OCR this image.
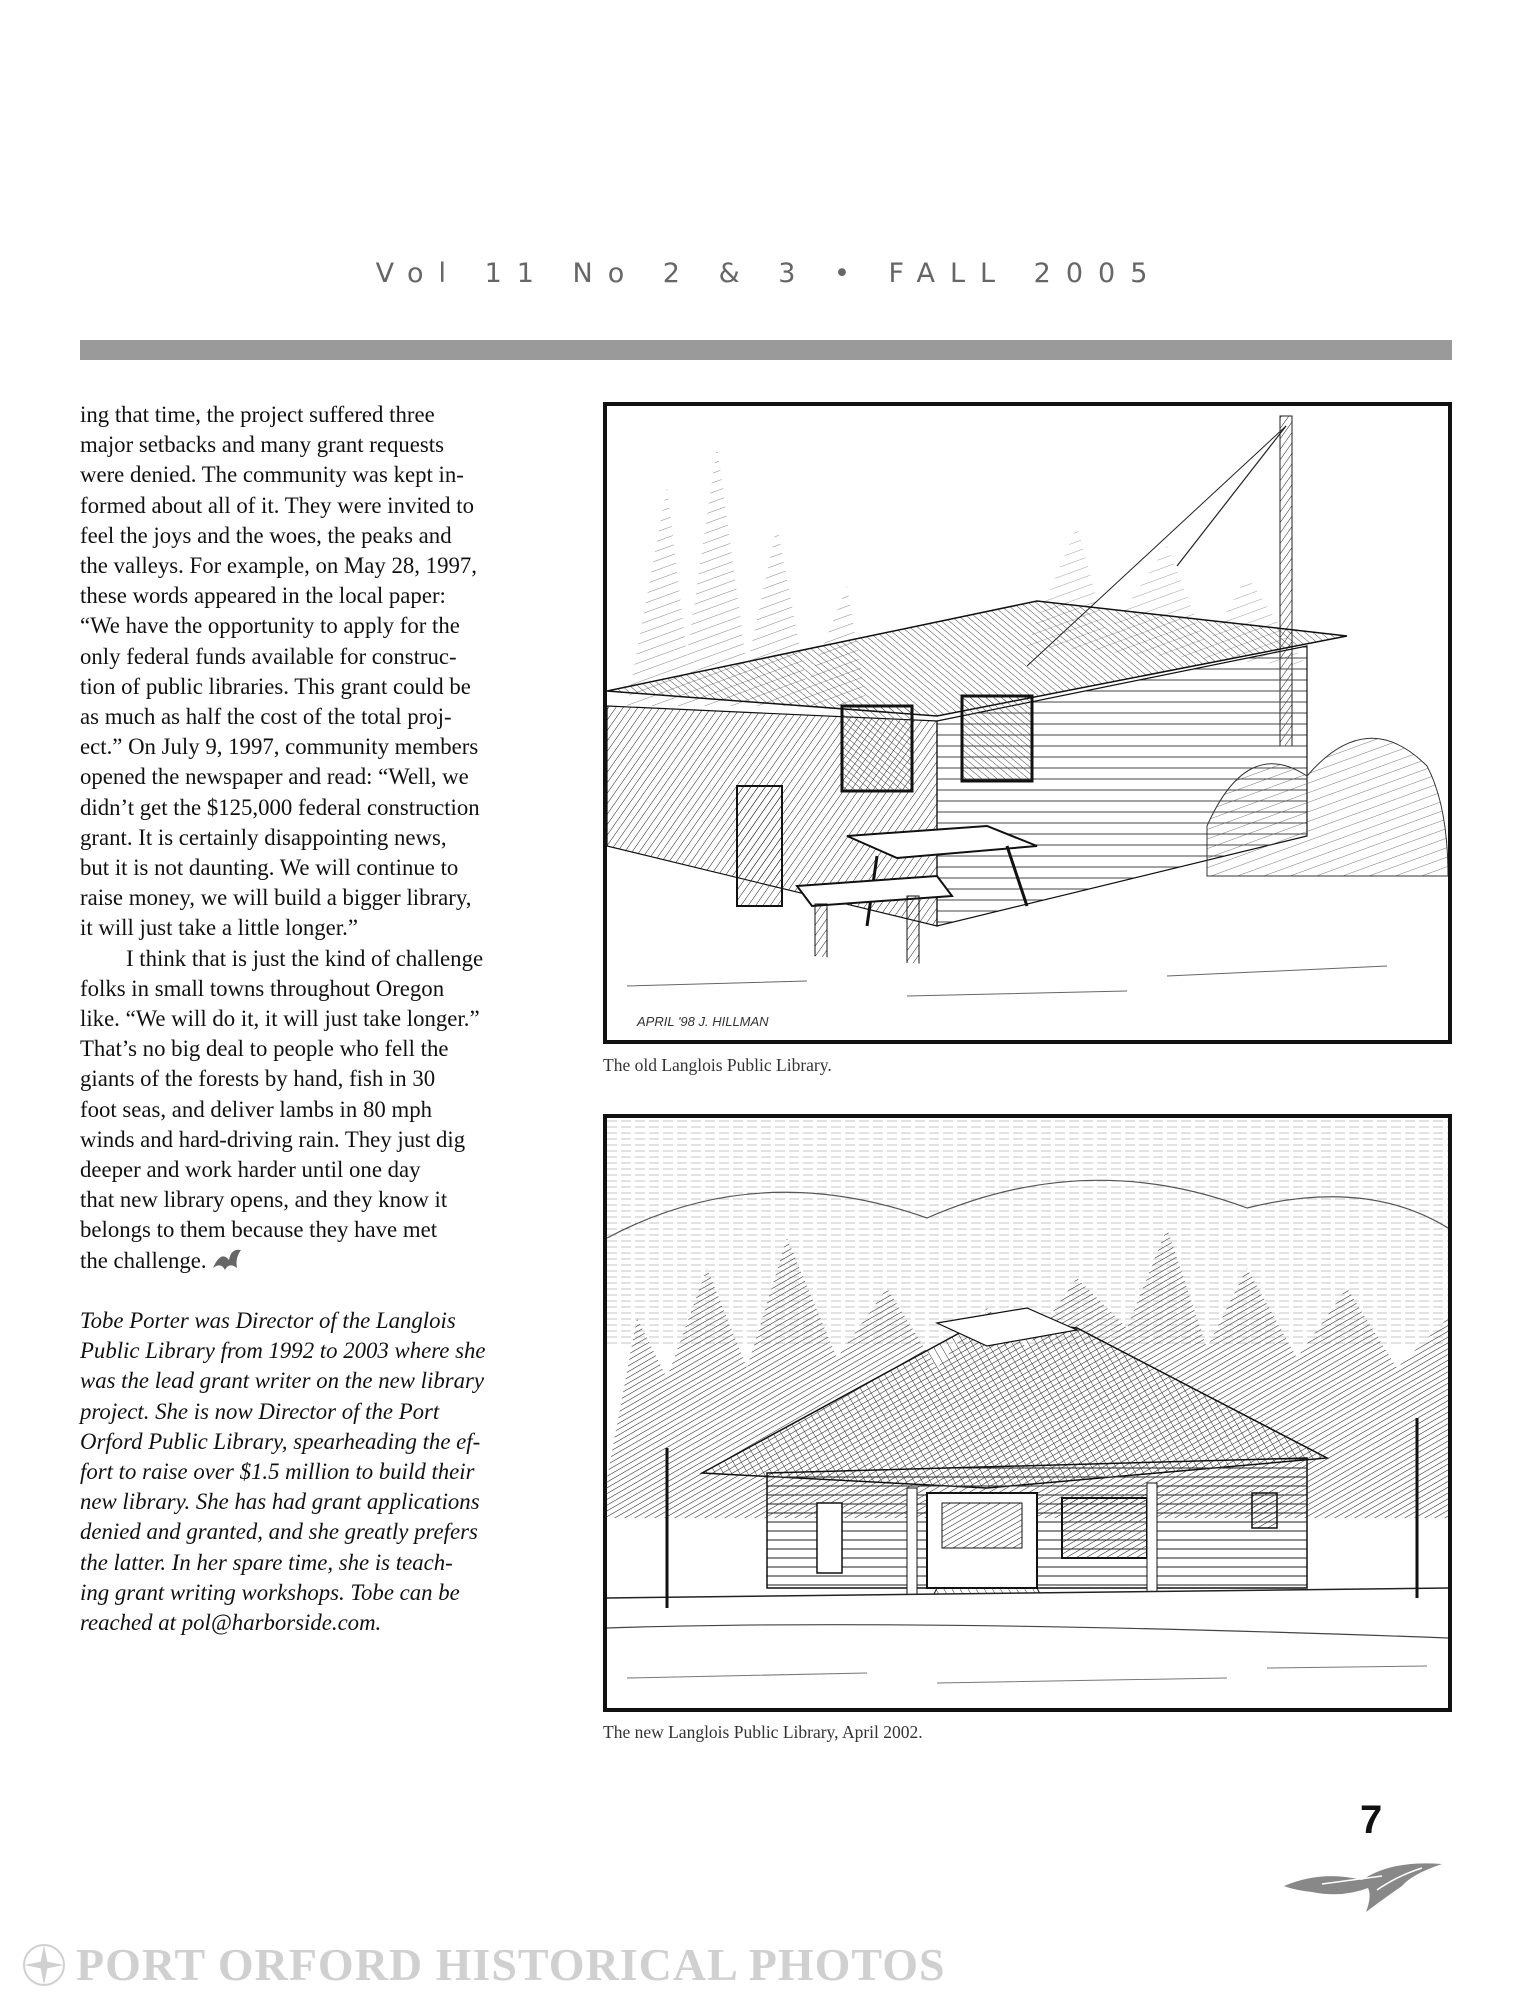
Vol 11 No 2 & 3 • FALL 2005

ing that time, the project suffered three
major setbacks and many grant requests
were denied. The community was kept in-
formed about all of it. They were invited to
feel the joys and the woes, the peaks and
the valleys. For example, on May 28, 1997,
these words appeared in the local paper:
“We have the opportunity to apply for the
only federal funds available for construc-
tion of public libraries. This grant could be
as much as half the cost of the total proj-
ect.” On July 9, 1997, community members
opened the newspaper and read: “Well, we
didn’t get the $125,000 federal construction
grant. It is certainly disappointing news,
but it is not daunting. We will continue to
raise money, we will build a bigger library,
it will just take a little longer.”

I think that is just the kind of challenge
folks in small towns throughout Oregon
like. “We will do it, it will just take longer.”
That’s no big deal to people who fell the
giants of the forests by hand, fish in 30
foot seas, and deliver lambs in 80 mph
winds and hard-driving rain. They just dig
deeper and work harder until one day
that new library opens, and they know it
belongs to them because they have met
the challenge.

Tobe Porter was Director of the Langlois
Public Library from 1992 to 2003 where she
was the lead grant writer on the new library
project. She is now Director of the Port
Orford Public Library, spearheading the ef-
fort to raise over $1.5 million to build their
new library. She has had grant applications
denied and granted, and she greatly prefers
the latter. In her spare time, she is teach-
ing grant writing workshops. Tobe can be
reached at pol@harborside.com.

APRIL '98 J. HILLMAN
The old Langlois Public Library.
The new Langlois Public Library, April 2002.
7
PORT ORFORD HISTORICAL PHOTOS
